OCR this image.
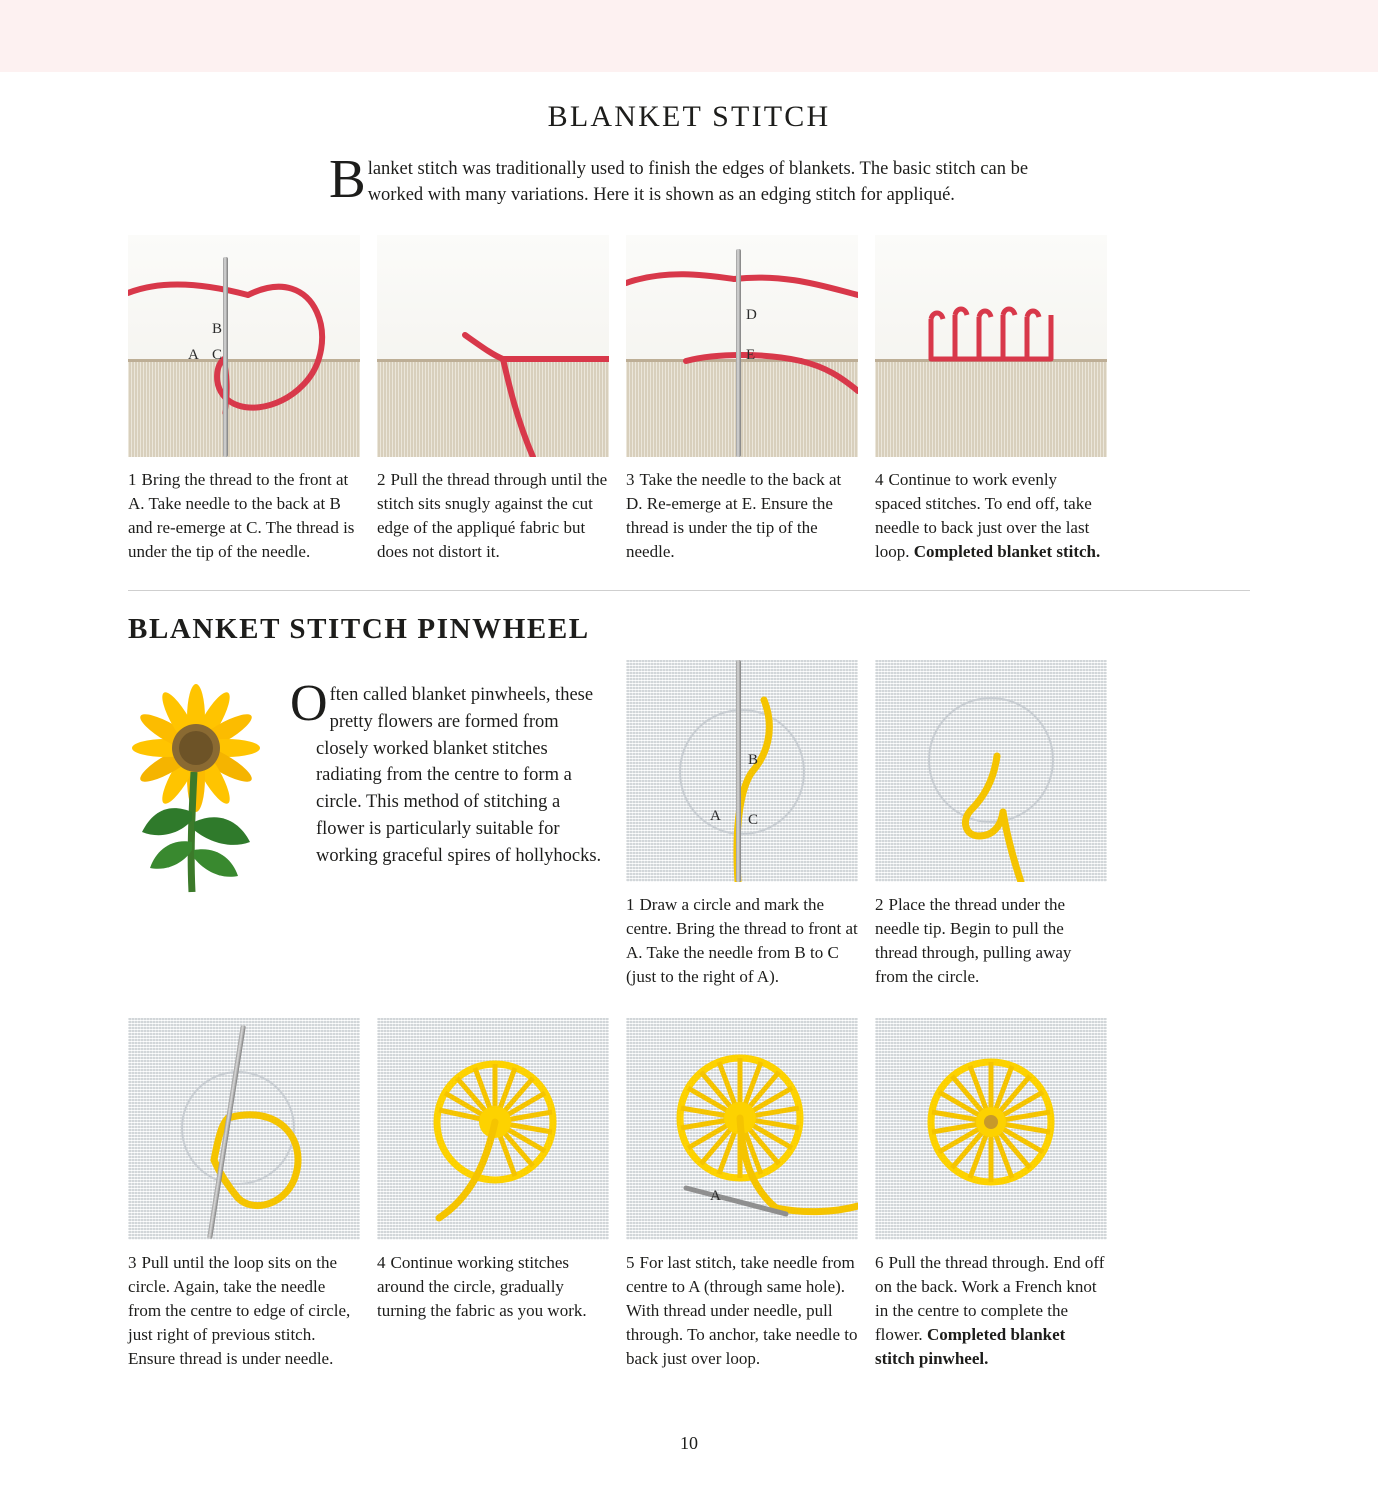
BLANKET STITCH
Blanket stitch was traditionally used to finish the edges of blankets. The basic stitch can be worked with many variations. Here it is shown as an edging stitch for appliqué.
B
A C
1 Bring the thread to the front at A. Take needle to the back at B and re-emerge at C. The thread is under the tip of the needle.
2 Pull the thread through until the stitch sits snugly against the cut edge of the appliqué fabric but does not distort it.
D
E
3 Take the needle to the back at D. Re-emerge at E. Ensure the thread is under the tip of the needle.
4 Continue to work evenly spaced stitches. To end off, take needle to back just over the last loop. Completed blanket stitch.
BLANKET STITCH PINWHEEL
Often called blanket pinwheels, these pretty flowers are formed from closely worked blanket stitches radiating from the centre to form a circle. This method of stitching a flower is particularly suitable for working graceful spires of hollyhocks.
B
A C
1 Draw a circle and mark the centre. Bring the thread to front at A. Take the needle from B to C (just to the right of A).
2 Place the thread under the needle tip. Begin to pull the thread through, pulling away from the circle.
3 Pull until the loop sits on the circle. Again, take the needle from the centre to edge of circle, just right of previous stitch. Ensure thread is under needle.
4 Continue working stitches around the circle, gradually turning the fabric as you work.
A
5 For last stitch, take needle from centre to A (through same hole). With thread under needle, pull through. To anchor, take needle to back just over loop.
6 Pull the thread through. End off on the back. Work a French knot in the centre to complete the flower. Completed blanket stitch pinwheel.
10
